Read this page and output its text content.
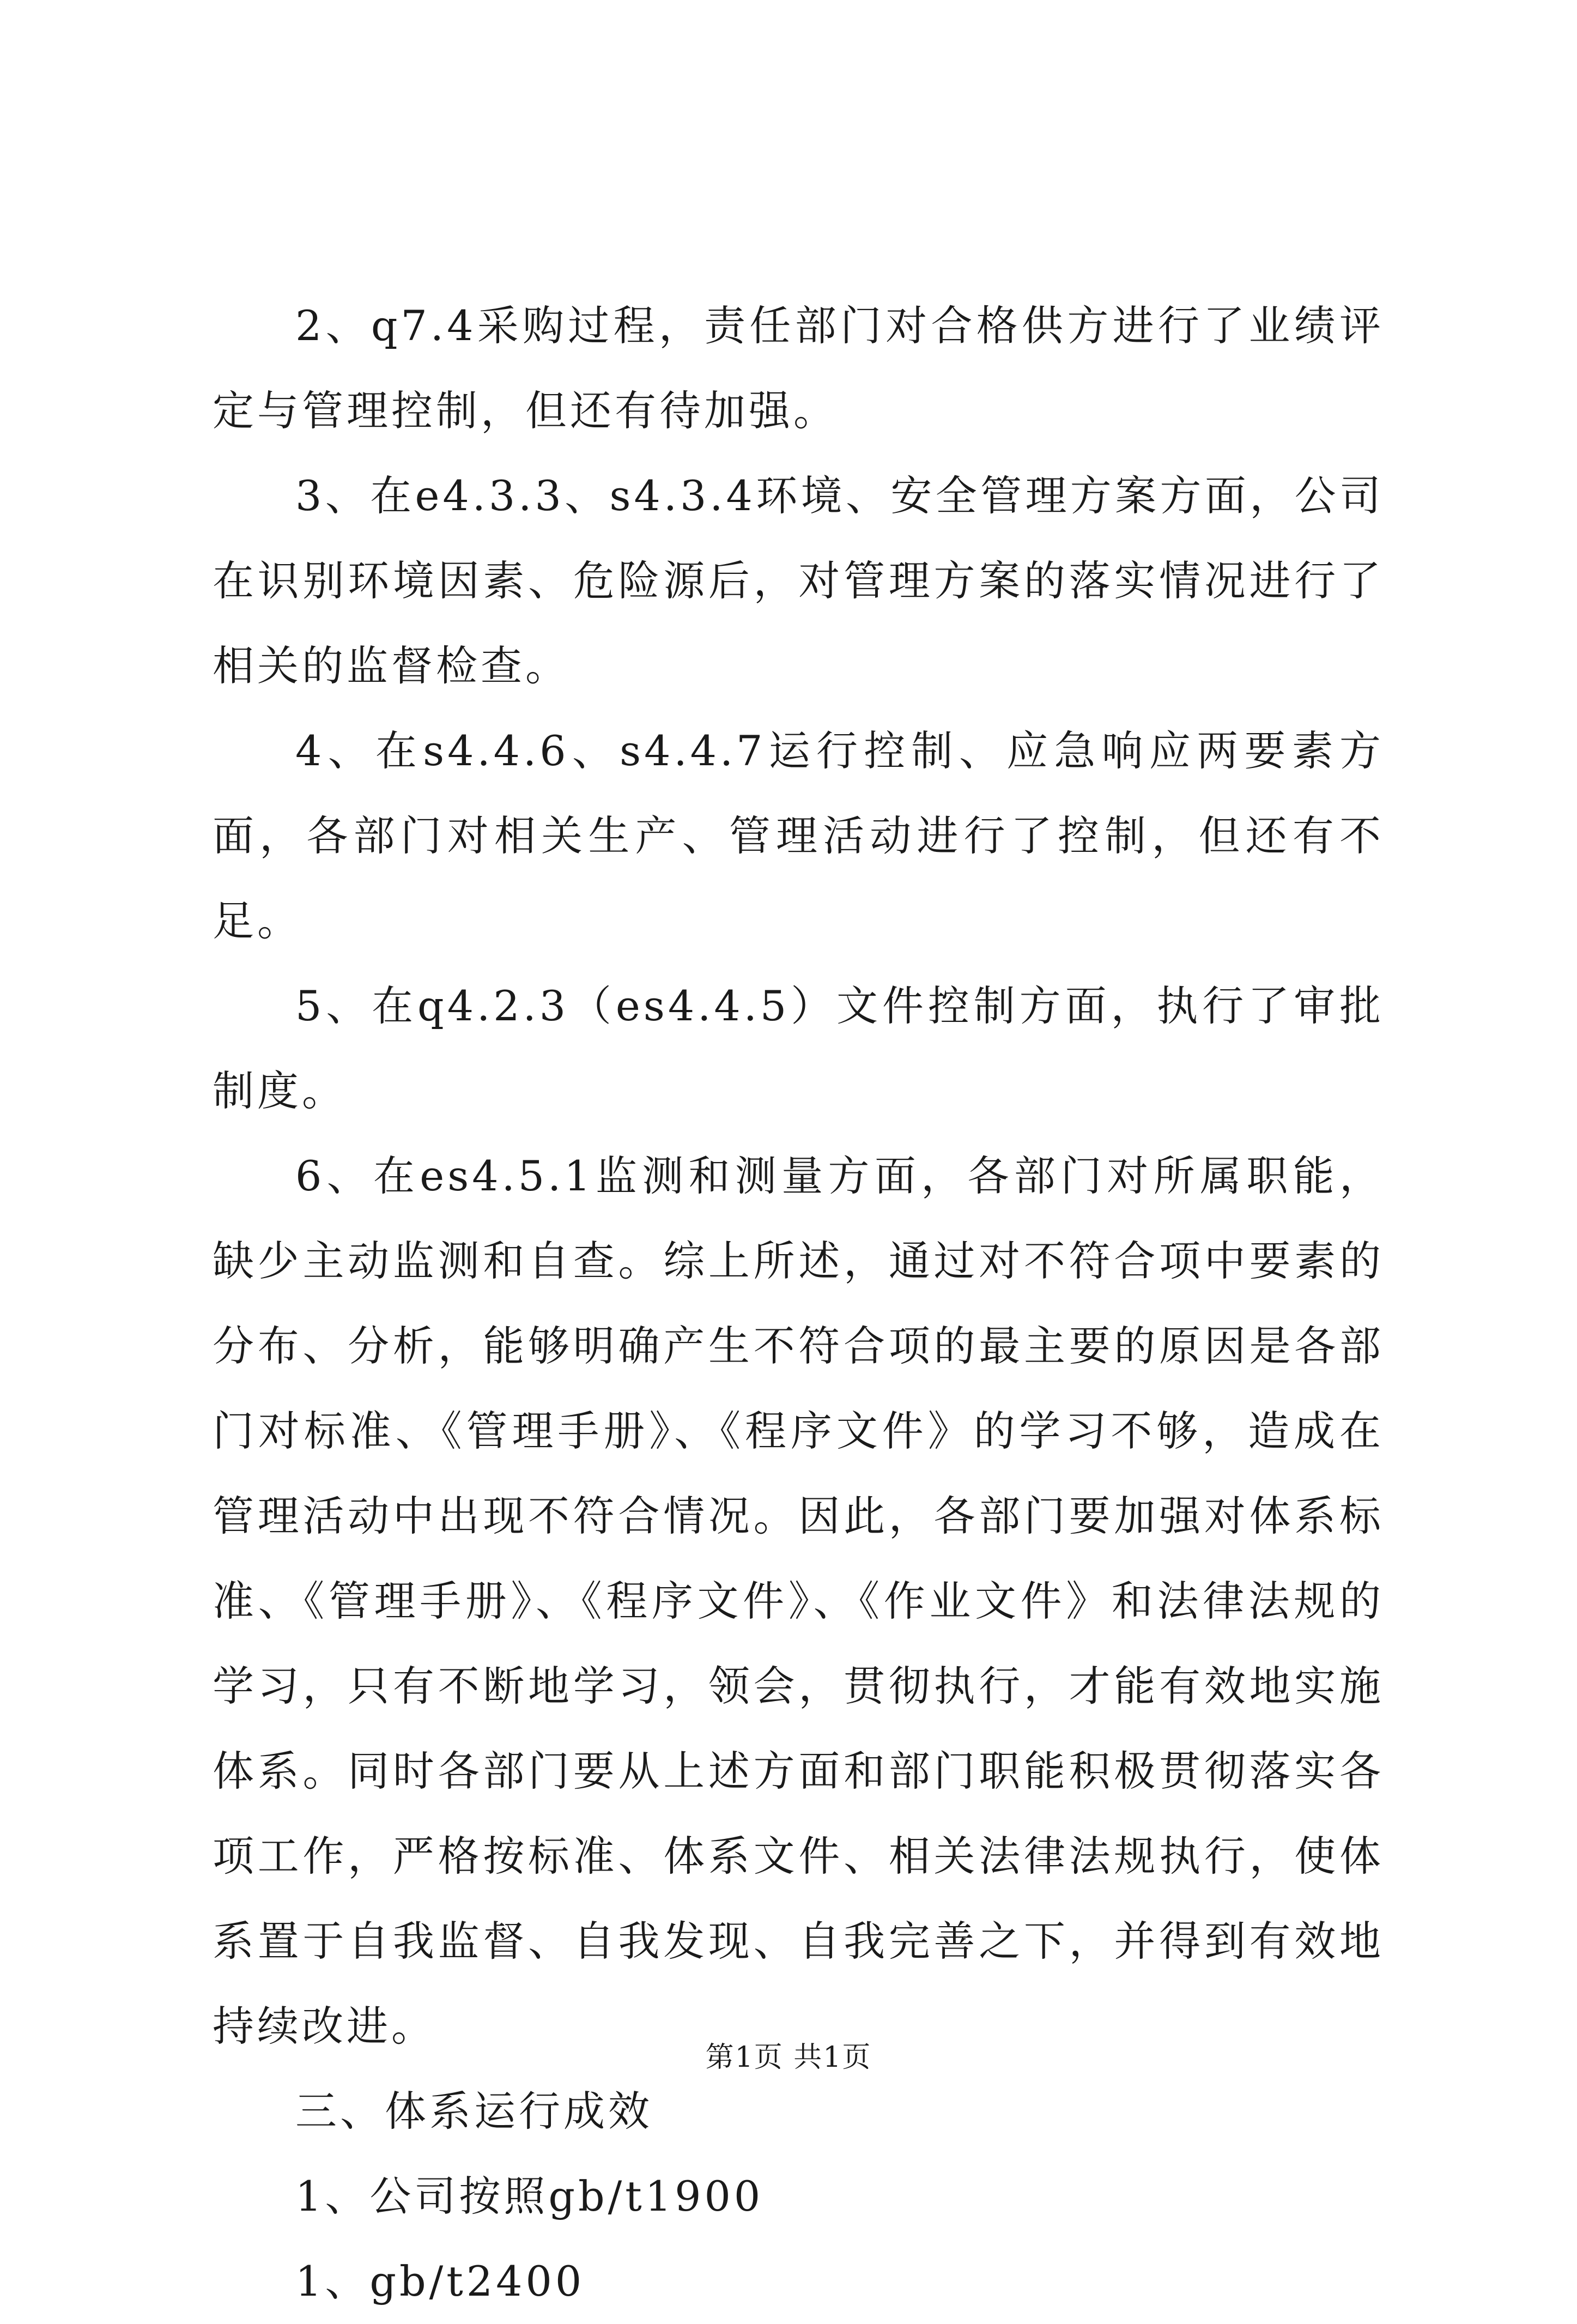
2、q7.4采购过程，责任部门对合格供方进行了业绩评定与管理控制，但还有待加强。

3、在e4.3.3、s4.3.4环境、安全管理方案方面，公司在识别环境因素、危险源后，对管理方案的落实情况进行了相关的监督检查。

4、在s4.4.6、s4.4.7运行控制、应急响应两要素方面，各部门对相关生产、管理活动进行了控制，但还有不足。

5、在q4.2.3（es4.4.5）文件控制方面，执行了审批制度。

6、在es4.5.1监测和测量方面，各部门对所属职能，缺少主动监测和自查。综上所述，通过对不符合项中要素的分布、分析，能够明确产生不符合项的最主要的原因是各部门对标准、《管理手册》、《程序文件》的学习不够，造成在管理活动中出现不符合情况。因此，各部门要加强对体系标准、《管理手册》、《程序文件》、《作业文件》和法律法规的学习，只有不断地学习，领会，贯彻执行，才能有效地实施体系。同时各部门要从上述方面和部门职能积极贯彻落实各项工作，严格按标准、体系文件、相关法律法规执行，使体系置于自我监督、自我发现、自我完善之下，并得到有效地持续改进。

三、体系运行成效

1、公司按照gb/t1900

1、gb/t2400

第1页 共1页
